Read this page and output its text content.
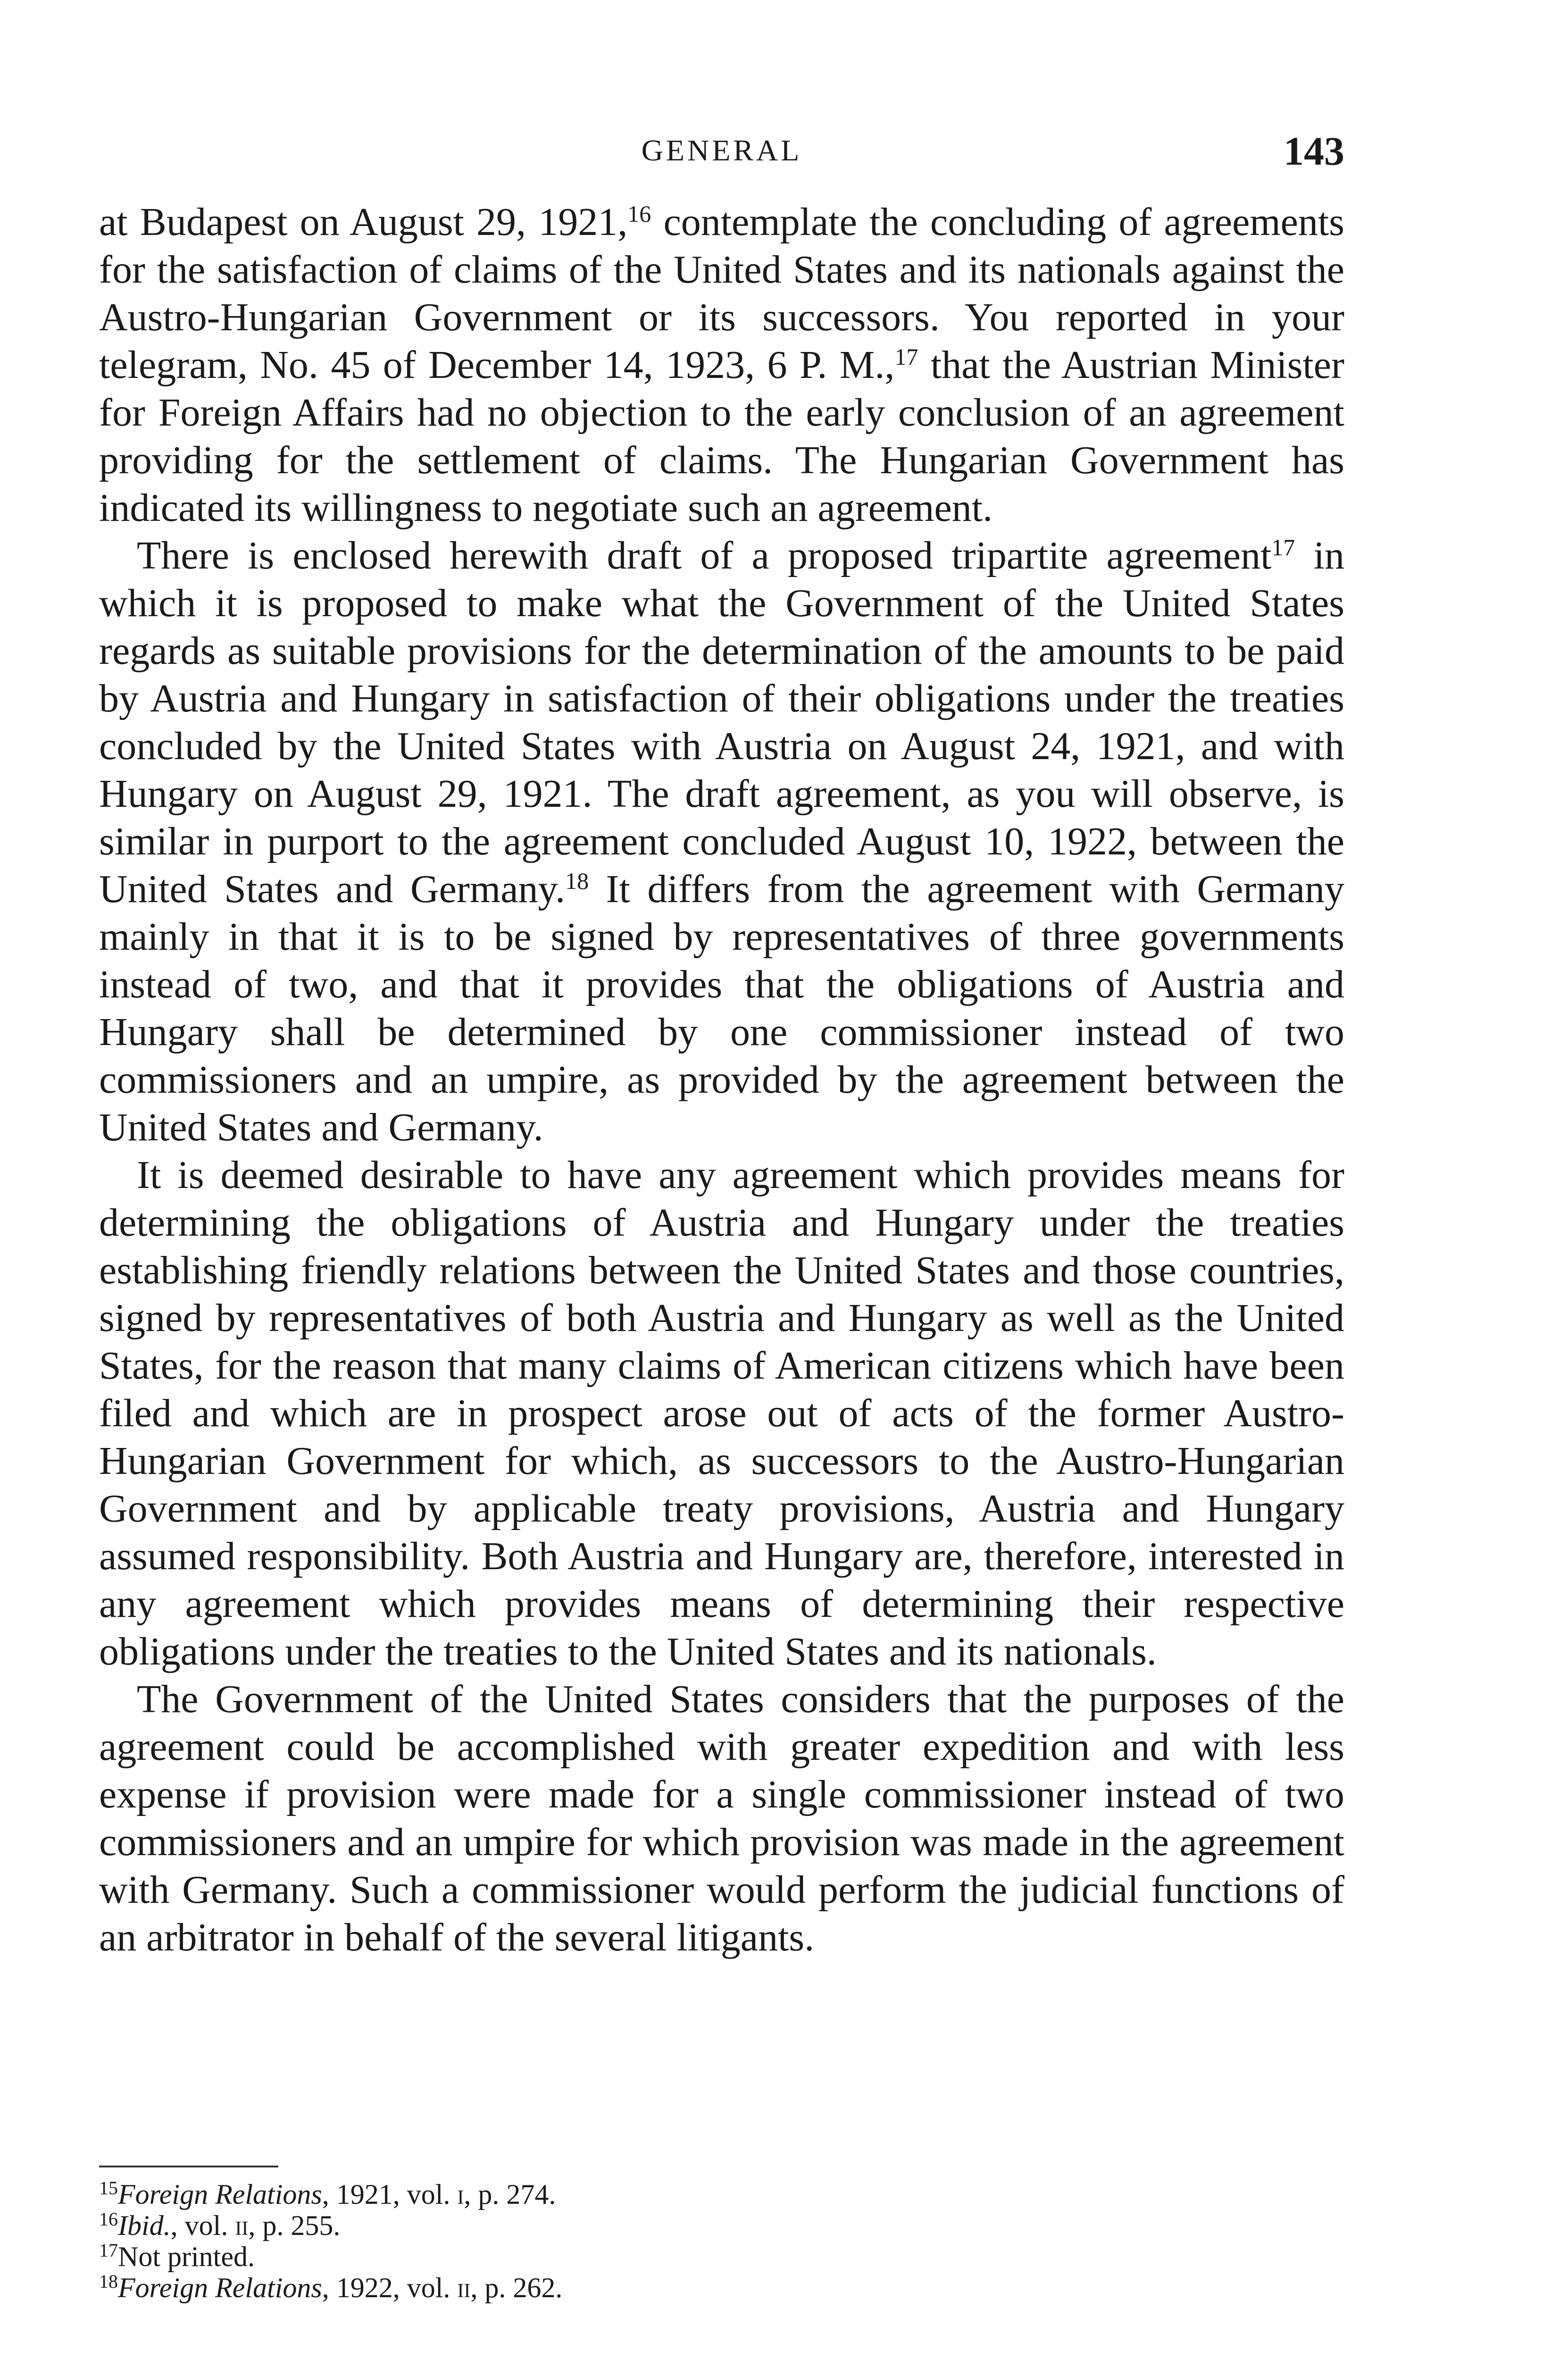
GENERAL	143

at Budapest on August 29, 1921,16 contemplate the concluding of agreements for the satisfaction of claims of the United States and its nationals against the Austro-Hungarian Government or its successors. You reported in your telegram, No. 45 of December 14, 1923, 6 P. M.,$^{17}$ that the Austrian Minister for Foreign Affairs had no objection to the early conclusion of an agreement providing for the settlement of claims. The Hungarian Government has indicated its willingness to negotiate such an agreement.

There is enclosed herewith draft of a proposed tripartite agreement$^{17}$ in which it is proposed to make what the Government of the United States regards as suitable provisions for the determination of the amounts to be paid by Austria and Hungary in satisfaction of their obligations under the treaties concluded by the United States with Austria on August 24, 1921, and with Hungary on August 29, 1921. The draft agreement, as you will observe, is similar in purport to the agreement concluded August 10, 1922, between the United States and Germany.$^{18}$ It differs from the agreement with Germany mainly in that it is to be signed by representatives of three governments instead of two, and that it provides that the obligations of Austria and Hungary shall be determined by one commissioner instead of two commissioners and an umpire, as provided by the agreement between the United States and Germany.

It is deemed desirable to have any agreement which provides means for determining the obligations of Austria and Hungary under the treaties establishing friendly relations between the United States and those countries, signed by representatives of both Austria and Hungary as well as the United States, for the reason that many claims of American citizens which have been filed and which are in prospect arose out of acts of the former Austro-Hungarian Government for which, as successors to the Austro-Hungarian Government and by applicable treaty provisions, Austria and Hungary assumed responsibility. Both Austria and Hungary are, therefore, interested in any agreement which provides means of determining their respective obligations under the treaties to the United States and its nationals.

The Government of the United States considers that the purposes of the agreement could be accomplished with greater expedition and with less expense if provision were made for a single commissioner instead of two commissioners and an umpire for which provision was made in the agreement with Germany. Such a commissioner would perform the judicial functions of an arbitrator in behalf of the several litigants.

$^{15}$Foreign Relations, 1921, vol. i, p. 274.
$^{16}$Ibid., vol. ii, p. 255.
$^{17}$Not printed.
$^{18}$Foreign Relations, 1922, vol. ii, p. 262.
